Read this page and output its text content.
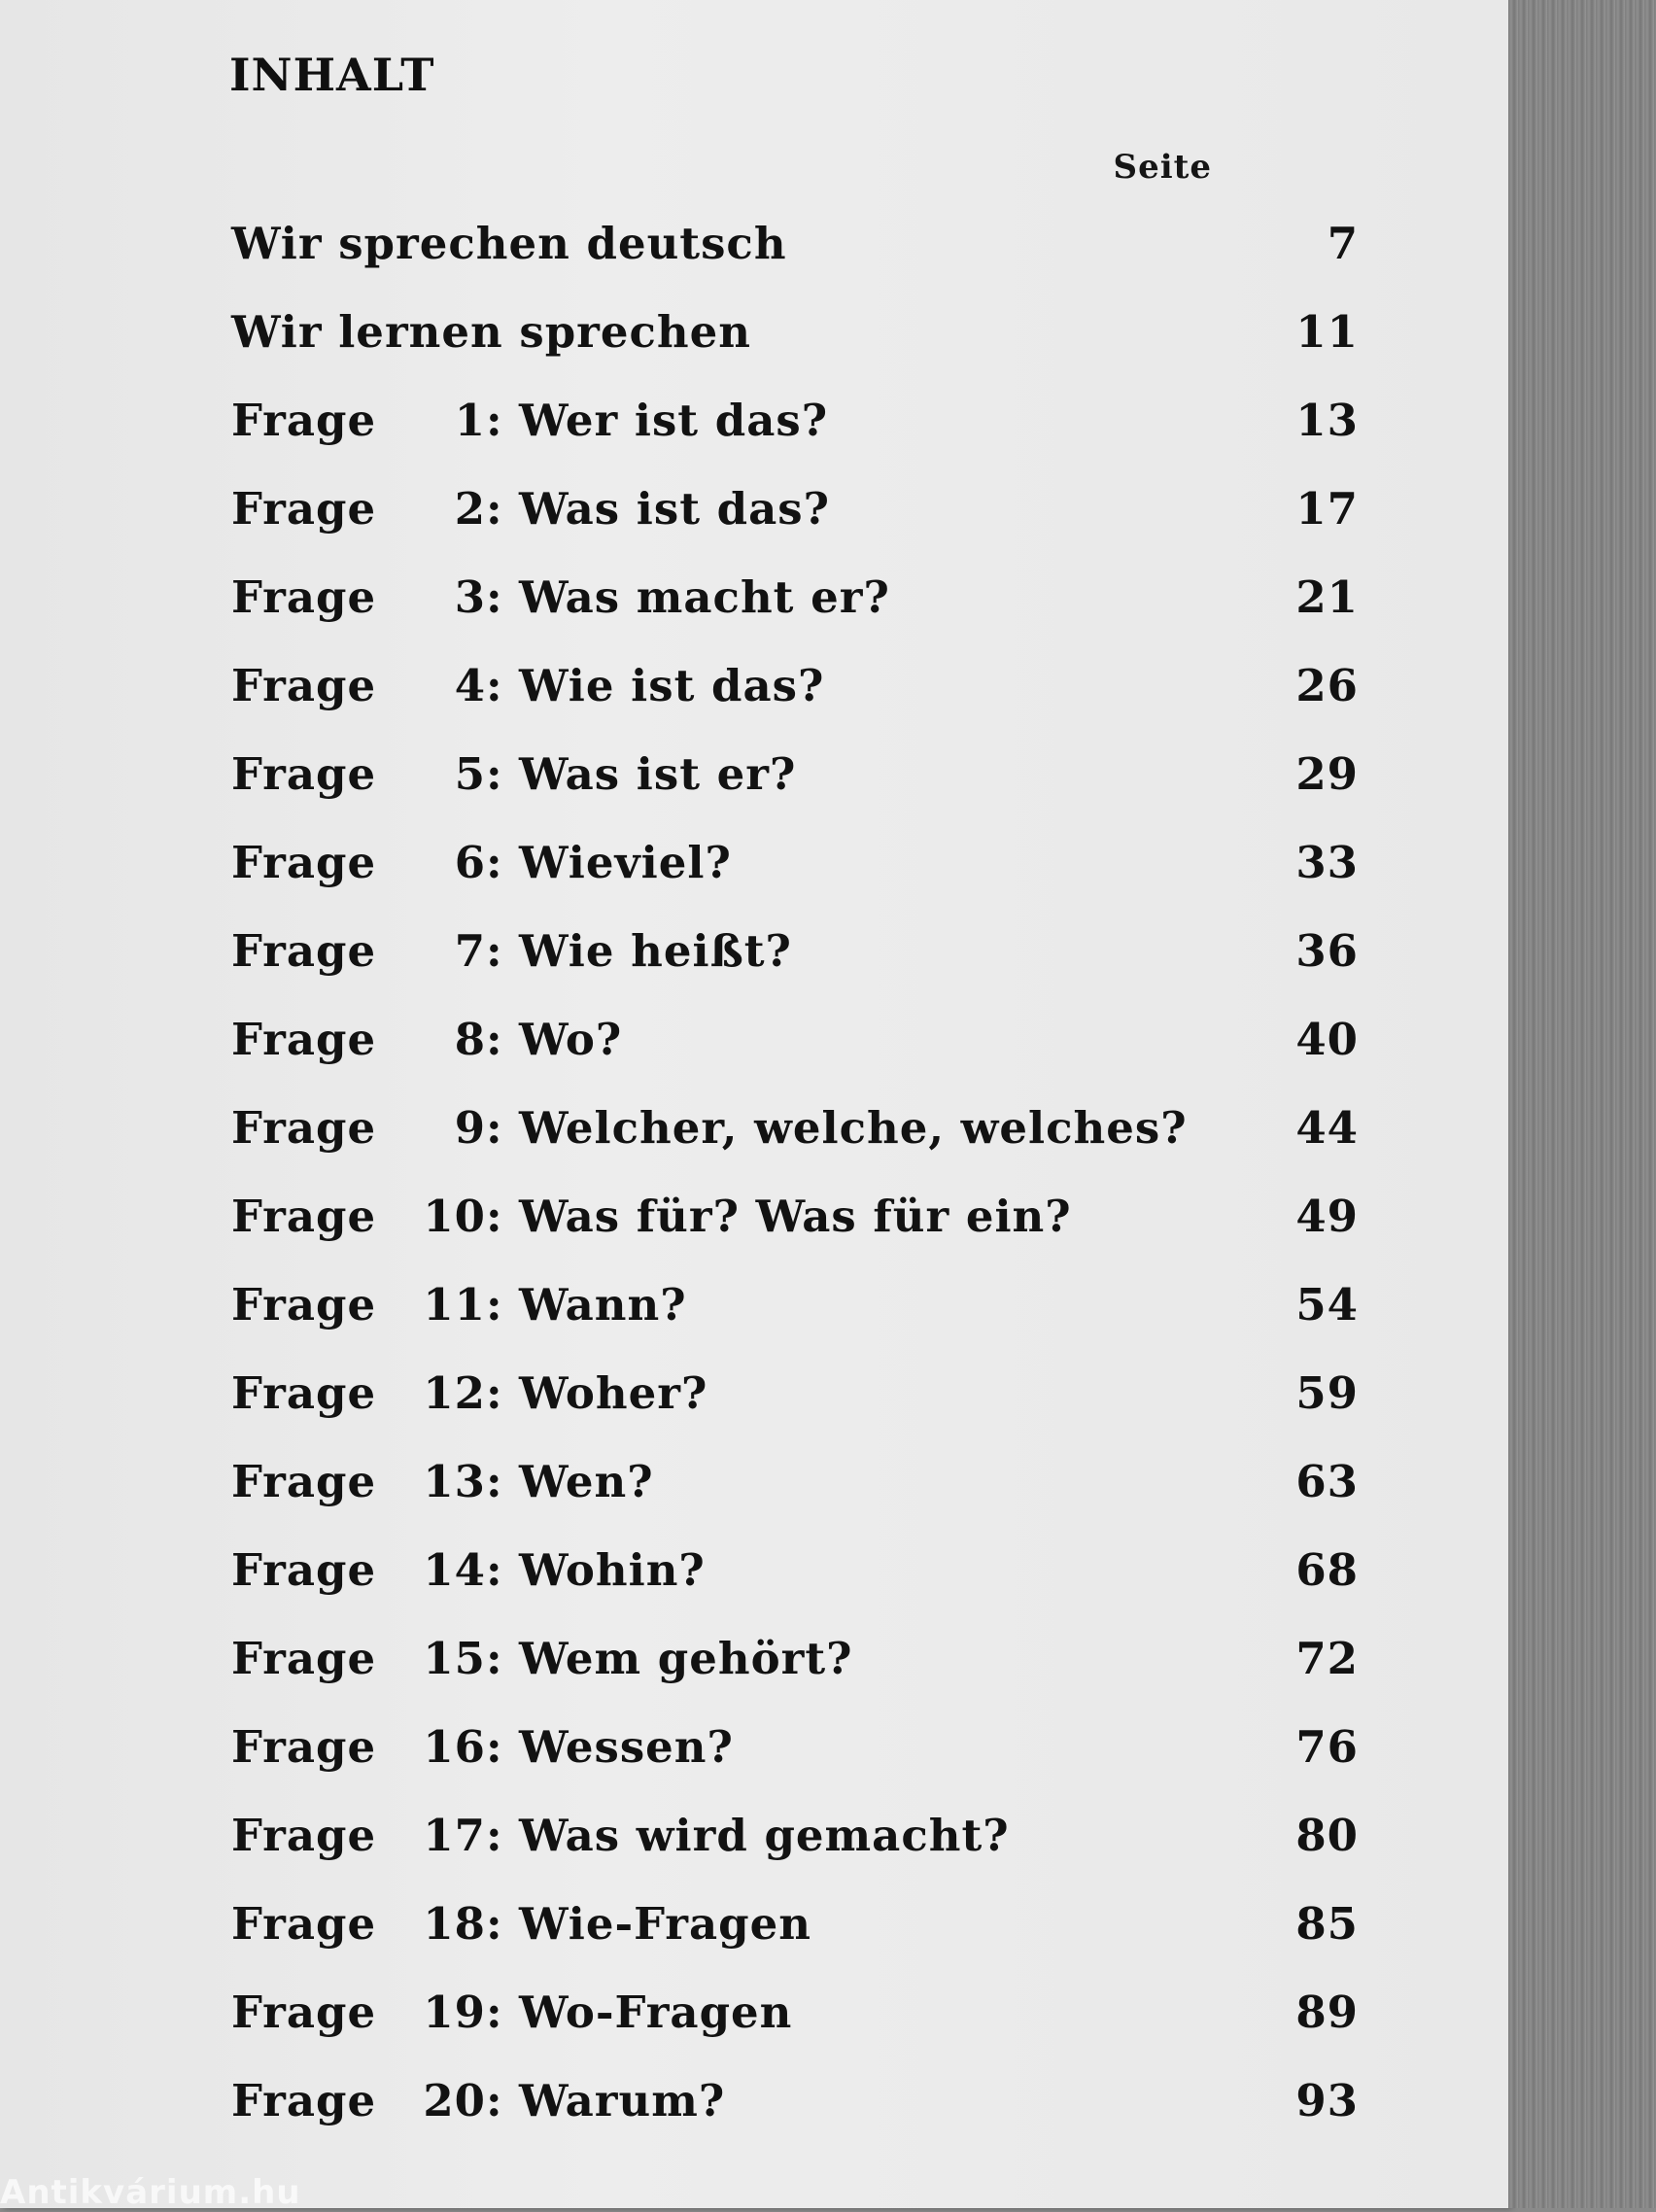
INHALT
Seite
Wir sprechen deutsch	7
Wir lernen sprechen	11
Frage	1 : Wer ist das?	13
Frage	2 : Was ist das?	17
Frage	3 : Was macht er?	21
Frage	4 : Wie ist das?	26
Frage	5 : Was ist er?	29
Frage	6 : Wieviel?	33
Frage	7 : Wie heißt?	36
Frage	8 : Wo?	40
Frage	9 : Welcher, welche, welches? 44
Frage	10 : Was für? Was für ein?	49
Frage	11 : Wann?	54
Frage	12 : Woher?	59
Frage	13 : Wen?	63
Frage	14 : Wohin?	68
Frage	15 : Wem gehört?	72
Frage	16 : Wessen?	76
Frage	17 : Was wird gemacht?	80
Frage	18 : Wie-Fragen	85
Frage	19 : Wo-Fragen	89
Frage	20 : Warum?	93
Antikvárium.hu
